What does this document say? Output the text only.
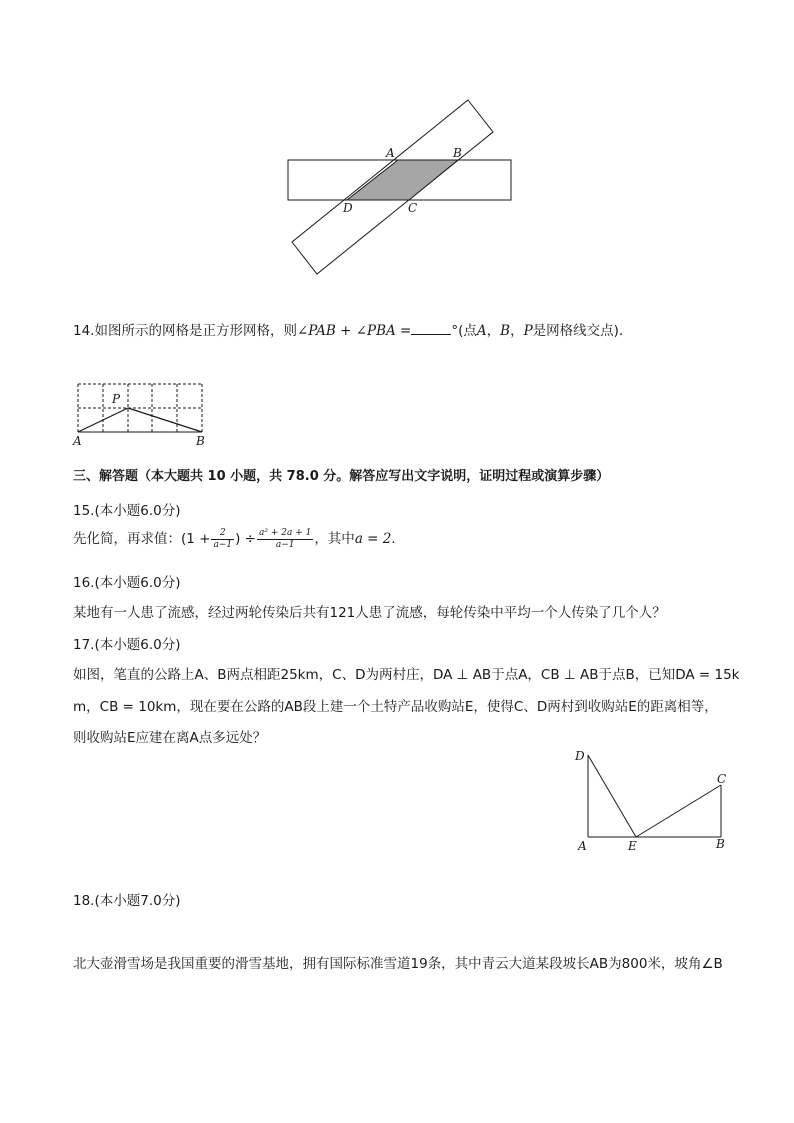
A	B
D	C
14.如图所示的网格是正方形网格，则∠PAB + ∠PBA =	°(点A，B，P是网格线交点)．
P
A	B
三、解答题（本大题共 10 小题，共 78.0 分。解答应写出文字说明，证明过程或演算步骤）
15.(本小题6.0分)
先化简，再求值：($1 + \frac{2}{a-1}$ ) ÷ $\frac{\text{a² + 2a + 1}}{a-1}$ ，其中a = 2．
16.(本小题6.0分)
某地有一人患了流感，经过两轮传染后共有121人患了流感，每轮传染中平均一个人传染了几个人？
17.(本小题6.0分)
如图，笔直的公路上A、B两点相距25km，C、D为两村庄，DA ⊥ AB于点A，CB ⊥ AB于点B，已知DA = 15k
m，CB = 10km，现在要在公路的AB段上建一个土特产品收购站E，使得C、D两村到收购站E的距离相等，
则收购站E应建在离A点多远处？
D
C
A	E	B
18.(本小题7.0分)
北大壶滑雪场是我国重要的滑雪基地，拥有国际标准雪道19条，其中青云大道某段坡长AB为800米，坡角∠B
